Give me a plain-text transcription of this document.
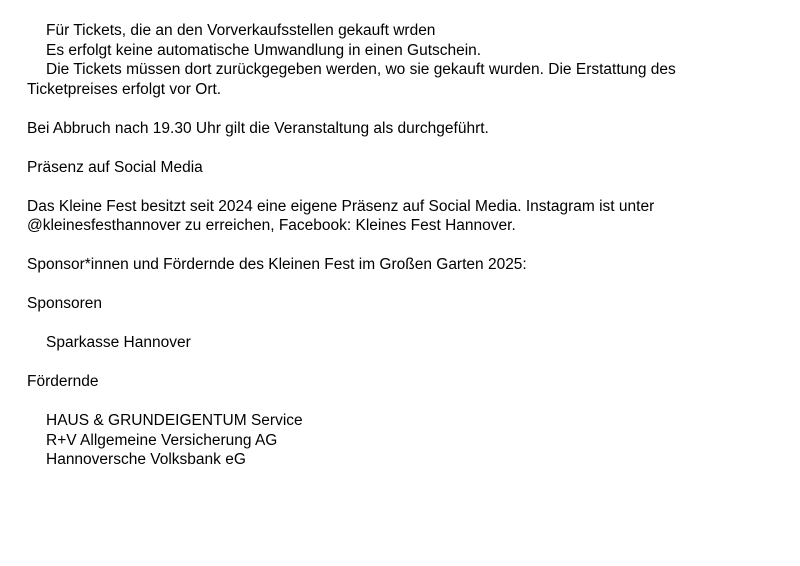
Für Tickets, die an den Vorverkaufsstellen gekauft wrden

Es erfolgt keine automatische Umwandlung in einen Gutschein.

Die Tickets müssen dort zurückgegeben werden, wo sie gekauft wurden. Die Erstattung des

Ticketpreises erfolgt vor Ort.

Bei Abbruch nach 19.30 Uhr gilt die Veranstaltung als durchgeführt.

Präsenz auf Social Media

Das Kleine Fest besitzt seit 2024 eine eigene Präsenz auf Social Media. Instagram ist unter

@kleinesfesthannover zu erreichen, Facebook: Kleines Fest Hannover.

Sponsor*innen und Fördernde des Kleinen Fest im Großen Garten 2025:

Sponsoren

Sparkasse Hannover

Fördernde

HAUS & GRUNDEIGENTUM Service

R+V Allgemeine Versicherung AG

Hannoversche Volksbank eG
